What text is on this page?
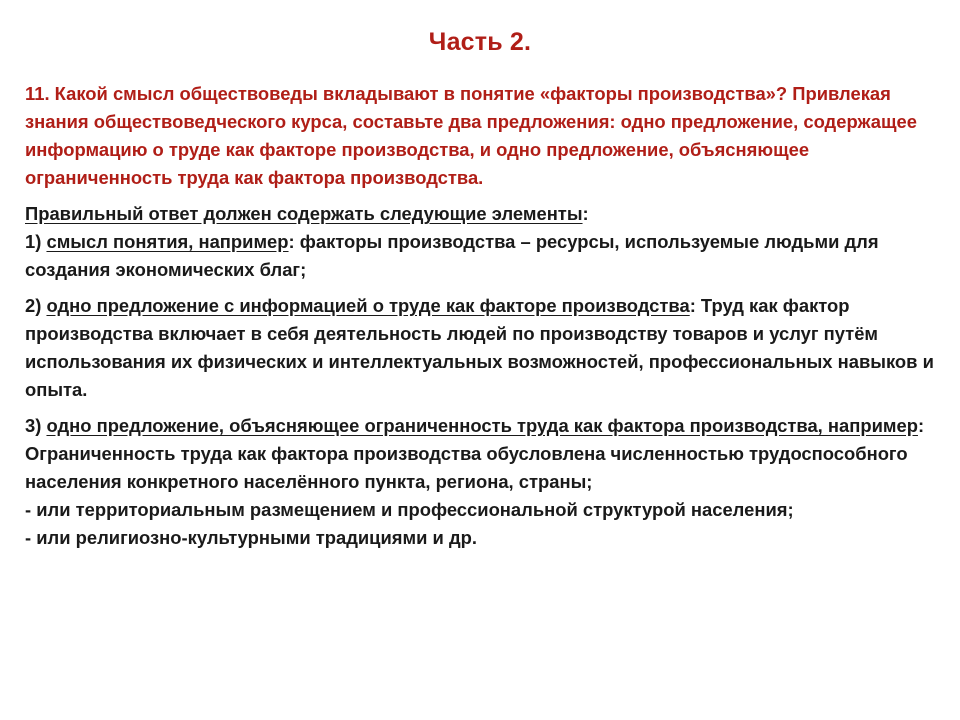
Часть 2.

11. Какой смысл обществоведы вкладывают в понятие «факторы производства»? Привлекая знания обществоведческого курса, составьте два предложения: одно предложение, содержащее информацию о труде как факторе производства, и одно предложение, объясняющее ограниченность труда как фактора производства.

Правильный ответ должен содержать следующие элементы:
1) смысл понятия, например: факторы производства – ресурсы, используемые людьми для создания экономических благ;
2) одно предложение с информацией о труде как факторе производства: Труд как фактор производства включает в себя деятельность людей по производству товаров и услуг путём использования их физических и интеллектуальных возможностей, профессиональных навыков и опыта.
3) одно предложение, объясняющее ограниченность труда как фактора производства, например: Ограниченность труда как фактора производства обусловлена численностью трудоспособного населения конкретного населённого пункта, региона, страны;

- или территориальным размещением и профессиональной структурой населения;

- или религиозно-культурными традициями и др.
